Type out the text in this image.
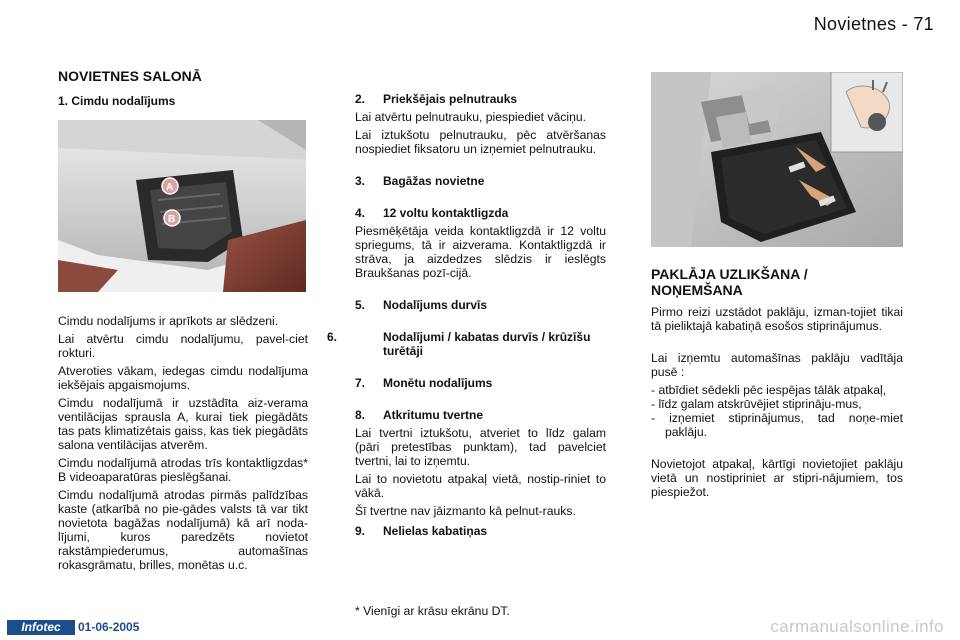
Novietnes - 71
NOVIETNES SALONĀ
1. Cimdu nodalījums
A
B
Cimdu nodalījums ir aprīkots ar slēdzeni.
Lai atvērtu cimdu nodalījumu, pavel-ciet rokturi.
Atveroties vākam, iedegas cimdu nodalījuma iekšējais apgaismojums.
Cimdu nodalījumā ir uzstādīta aiz-verama ventilācijas sprausla A, kurai tiek piegādāts tas pats klimatizētais gaiss, kas tiek piegādāts salona ventilācijas atverēm.
Cimdu nodalījumā atrodas trīs kontaktligzdas* B videoaparatūras pieslēgšanai.
Cimdu nodalījumā atrodas pirmās palīdzības kaste (atkarībā no pie-gādes valsts tā var tikt novietota bagāžas nodalījumā) kā arī noda-lījumi, kuros paredzēts novietot rakstāmpiederumus, automašīnas rokasgrāmatu, brilles, monētas u.c.
2. Priekšējais pelnutrauks
Lai atvērtu pelnutrauku, piespiediet vāciņu.
Lai iztukšotu pelnutrauku, pēc atvēršanas nospiediet fiksatoru un izņemiet pelnutrauku.
3. Bagāžas novietne
4. 12 voltu kontaktligzda
Piesmēķētāja veida kontaktligzdā ir 12 voltu spriegums, tā ir aizverama. Kontaktligzdā ir strāva, ja aizdedzes slēdzis ir ieslēgts Braukšanas pozī-cijā.
5. Nodalījums durvīs
6.	Nodalījumi / kabatas durvīs / krūzīšu turētāji
7. Monētu nodalījums
8. Atkritumu tvertne
Lai tvertni iztukšotu, atveriet to līdz galam (pāri pretestības punktam), tad pavelciet tvertni, lai to izņemtu.
Lai to novietotu atpakaļ vietā, nostip-riniet to vākā.
Šī tvertne nav jāizmanto kā pelnut-rauks.
9. Nelielas kabatiņas
* Vienīgi ar krāsu ekrānu DT.
PAKLĀJA UZLIKŠANA /
NOŅEMŠANA
Pirmo reizi uzstādot paklāju, izman-tojiet tikai tā pieliktajā kabatiņā esošos stiprinājumus.
Lai izņemtu automašīnas paklāju vadītāja pusē :
- atbīdiet sēdekli pēc iespējas tālāk atpakaļ,
- līdz galam atskrūvējiet stiprināju-mus,
- izņemiet stiprinājumus, tad noņe-miet paklāju.
Novietojot atpakaļ, kārtīgi novietojiet paklāju vietā un nostipriniet ar stipri-nājumiem, tos piespiežot.
Infotec	01-06-2005	carmanualsonline.info
